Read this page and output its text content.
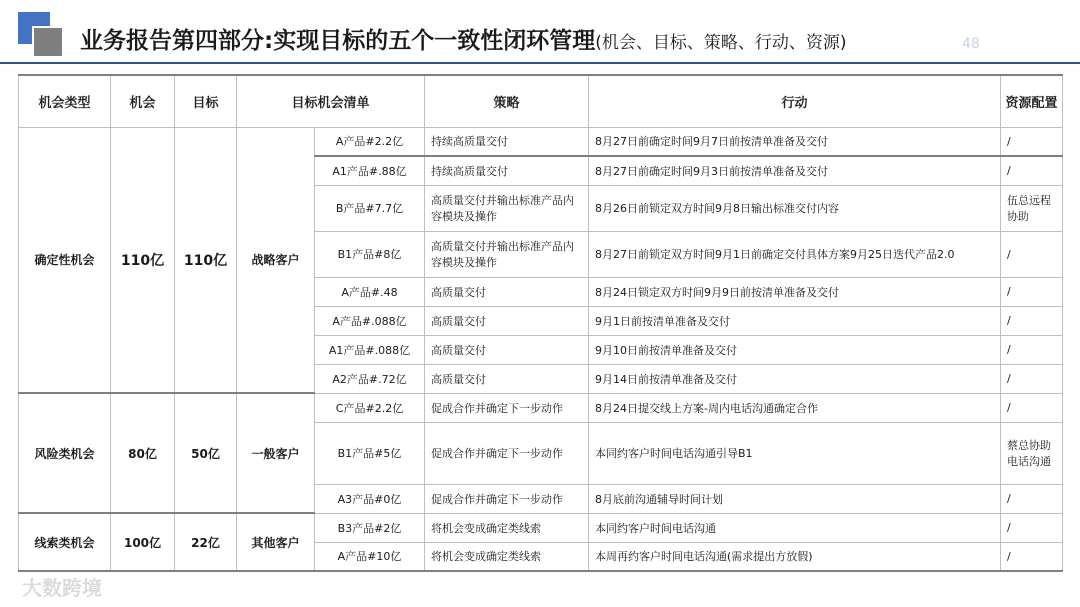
业务报告第四部分:实现目标的五个一致性闭环管理(机会、目标、策略、行动、资源)	48
机会类型	机会	目标	目标机会清单		策略	行动	资源配置
确定性机会	110亿	110亿	战略客户	A产品#2.2亿	持续高质量交付	8月27日前确定时间9月7日前按清单准备及交付	/
				A1产品#.88亿	持续高质量交付	8月27日前确定时间9月3日前按清单准备及交付	/
				B产品#7.7亿	高质量交付并输出标准产品内容模块及操作	8月26日前锁定双方时间9月8日输出标准交付内容	伍总远程协助
				B1产品#8亿	高质量交付并输出标准产品内容模块及操作	8月27日前锁定双方时间9月1日前确定交付具体方案9月25日迭代产品2.0	/
				A产品#.48	高质量交付	8月24日锁定双方时间9月9日前按清单准备及交付	/
				A产品#.088亿	高质量交付	9月1日前按清单准备及交付	/
				A1产品#.088亿	高质量交付	9月10日前按清单准备及交付	/
				A2产品#.72亿	高质量交付	9月14日前按清单准备及交付	/
风险类机会	80亿	50亿	一般客户	C产品#2.2亿	促成合作并确定下一步动作	8月24日提交线上方案-周内电话沟通确定合作	/
				B1产品#5亿	促成合作并确定下一步动作	本同约客户时间电话沟通引导B1	蔡总协助电话沟通
				A3产品#0亿	促成合作并确定下一步动作	8月底前沟通辅导时间计划	/
线索类机会	100亿	22亿	其他客户	B3产品#2亿	将机会变成确定类线索	本同约客户时间电话沟通	/
				A产品#10亿	将机会变成确定类线索	本周再约客户时间电话沟通(需求提出方放假)	/
大数跨境
